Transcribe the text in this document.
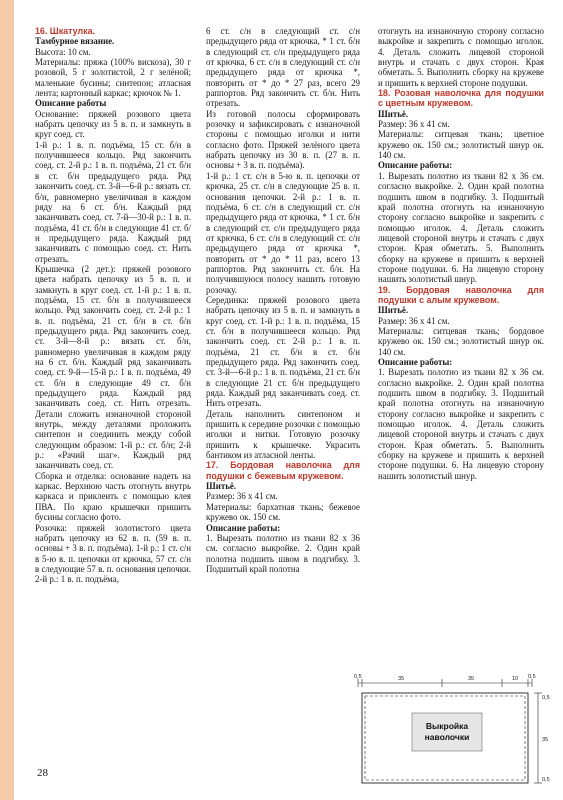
16. Шкатулка.

Тамбурное вязание.

Высота: 10 см.

Материалы: пряжа (100% вискоза), 30 г розовой, 5 г золотистой, 2 г зелёной; маленькие бусины; синтепон; атласная лента; картонный каркас; крючок № 1.

Описание работы

Основание: пряжей розового цвета набрать цепочку из 5 в. п. и замкнуть в круг соед. ст.

1-й р.: 1 в. п. подъёма, 15 ст. б/н в получившееся кольцо. Ряд закончить соед. ст. 2-й р.: 1 в. п. подъёма, 21 ст. б/н в ст. б/н предыдущего ряда. Ряд закончить соед. ст. 3-й—6-й р.: вязать ст. б/н, равномерно увеличивая в каждом ряду на 6 ст. б/н. Каждый ряд заканчивать соед. ст. 7-й—30-й р.: 1 в. п. подъёма, 41 ст. б/н в следующие 41 ст. б/н предыдущего ряда. Каждый ряд заканчивать с помощью соед. ст. Нить отрезать.

Крышечка (2 дет.): пряжей розового цвета набрать цепочку из 5 в. п. и замкнуть в круг соед. ст. 1-й р.: 1 в. п. подъёма, 15 ст. б/н в получившееся кольцо. Ряд закончить соед. ст. 2-й р.: 1 в. п. подъёма, 21 ст. б/н в ст. б/н предыдущего ряда. Ряд закончить соед. ст. 3-й—8-й р.: вязать ст. б/н, равномерно увеличивая в каждом ряду на 6 ст. б/н. Каждый ряд заканчивать соед. ст. 9-й—15-й р.: 1 в. п. подъёма, 49 ст. б/н в следующие 49 ст. б/н предыдущего ряда. Каждый ряд заканчивать соед. ст. Нить отрезать. Детали сложить изнаночной стороной внутрь, между деталями проложить синтепон и соединить между собой следующим образом: 1-й р.: ст. б/н; 2-й р.: «Рачий шаг». Каждый ряд заканчивать соед. ст.

Сборка и отделка: основание надеть на каркас. Верхнюю часть отогнуть внутрь каркаса и приклеить с помощью клея ПВА. По краю крышечки пришить бусины согласно фото.

Розочка: пряжей золотистого цвета набрать цепочку из 62 в. п. (59 в. п. основы + 3 в. п. подъёма). 1-й р.: 1 ст. с/н в 5-ю в. п. цепочки от крючка, 57 ст. с/н в следующие 57 в. п. основания цепочки. 2-й р.: 1 в. п. подъёма,

6 ст. с/н в следующий ст. с/н предыдущего ряда от крючка, * 1 ст. б/н в следующий ст. с/н предыдущего ряда от крючка, 6 ст. с/н в следующий ст. с/н предыдущего ряда от крючка *, повторить от * до * 27 раз, всего 29 раппортов. Ряд закончить ст. б/н. Нить отрезать.

Из готовой полосы сформировать розочку и зафиксировать с изнаночной стороны с помощью иголки и нити согласно фото. Пряжей зелёного цвета набрать цепочку из 30 в. п. (27 в. п. основы + 3 в. п. подъёма).

1-й р.: 1 ст. с/н в 5-ю в. п. цепочки от крючка, 25 ст. с/н в следующие 25 в. п. основания цепочки. 2-й р.: 1 в. п. подъёма, 6 ст. с/н в следующий ст. с/н предыдущего ряда от крючка, * 1 ст. б/н в следующий ст. с/н предыдущего ряда от крючка, 6 ст. с/н в следующий ст. с/н предыдущего ряда от крючка *, повторить от * до * 11 раз, всего 13 раппортов. Ряд закончить ст. б/н. На получившуюся полосу нашить готовую розочку.

Серединка: пряжей розового цвета набрать цепочку из 5 в. п. и замкнуть в круг соед. ст. 1-й р.: 1 в. п. подъёма, 15 ст. б/н в получившееся кольцо. Ряд закончить соед. ст. 2-й р.: 1 в. п. подъёма, 21 ст. б/н в ст. б/н предыдущего ряда. Ряд закончить соед. ст. 3-й—6-й р.: 1 в. п. подъёма, 21 ст. б/н в следующие 21 ст. б/н предыдущего ряда. Каждый ряд заканчивать соед. ст. Нить отрезать.

Деталь наполнить синтепоном и пришить к середине розочки с помощью иголки и нитки. Готовую розочку пришить к крышечке. Украсить бантиком из атласной ленты.

17. Бордовая наволочка для подушки с бежевым кружевом.

Шитьё.

Размер: 36 х 41 см.

Материалы: бархатная ткань; бежевое кружево ок. 150 см.

Описание работы:

1. Вырезать полотно из ткани 82 х 36 см. согласно выкройке. 2. Один край полотна подшить швом в подгибку. 3. Подшитый край полотна

отогнуть на изнаночную сторону согласно выкройке и закрепить с помощью иголок. 4. Деталь сложить лицевой стороной внутрь и стачать с двух сторон. Края обметать. 5. Выполнить сборку на кружеве и пришить к верхней стороне подушки.

18. Розовая наволочка для подушки с цветным кружевом.

Шитьё.

Размер: 36 х 41 см.

Материалы: ситцевая ткань; цветное кружево ок. 150 см.; золотистый шнур ок. 140 см.

Описание работы:

1. Вырезать полотно из ткани 82 х 36 см. согласно выкройке. 2. Один край полотна подшить швом в подгибку. 3. Подшитый край полотна отогнуть на изнаночную сторону согласно выкройке и закрепить с помощью иголок. 4. Деталь сложить лицевой стороной внутрь и стачать с двух сторон. Края обметать. 5. Выполнить сборку на кружеве и пришить к верхней стороне подушки. 6. На лицевую сторону нашить золотистый шнур.

19. Бордовая наволочка для подушки с алым кружевом.

Шитьё.

Размер: 36 х 41 см.

Материалы: ситцевая ткань; бордовое кружево ок. 150 см.; золотистый шнур ок. 140 см.

Описание работы:

1. Вырезать полотно из ткани 82 х 36 см. согласно выкройке. 2. Один край полотна подшить швом в подгибку. 3. Подшитый край полотна отогнуть на изнаночную сторону согласно выкройке и закрепить с помощью иголок. 4. Деталь сложить лицевой стороной внутрь и стачать с двух сторон. Края обметать. 5. Выполнить сборку на кружеве и пришить к верхней стороне подушки. 6. На лицевую сторону нашить золотистый шнур.

Выкройка
наволочки
0,5	35	35	10 0,5
0,5
35
0,5
28
